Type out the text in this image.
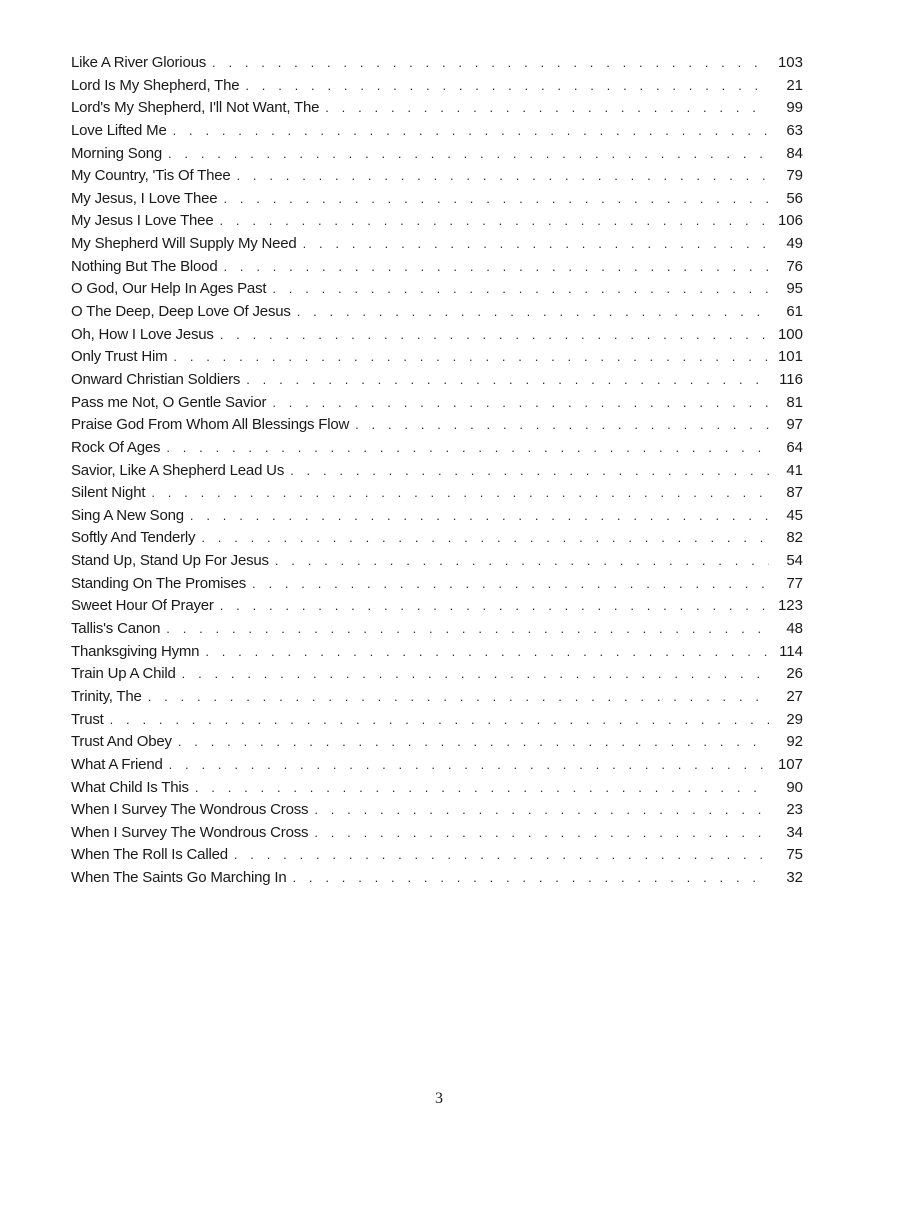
Like A River Glorious . . .	103
Lord Is My Shepherd, The . . .	21
Lord's My Shepherd, I'll Not Want, The . . .	99
Love Lifted Me . . .	63
Morning Song . . .	84
My Country, 'Tis Of Thee . . .	79
My Jesus, I Love Thee . . .	56
My Jesus I Love Thee . . .	106
My Shepherd Will Supply My Need . . .	49
Nothing But The Blood . . .	76
O God, Our Help In Ages Past . . .	95
O The Deep, Deep Love Of Jesus . . .	61
Oh, How I Love Jesus . . .	100
Only Trust Him . . .	101
Onward Christian Soldiers . . .	116
Pass me Not, O Gentle Savior . . .	81
Praise God From Whom All Blessings Flow . . .	97
Rock Of Ages . . .	64
Savior, Like A Shepherd Lead Us . . .	41
Silent Night . . .	87
Sing A New Song . . .	45
Softly And Tenderly . . .	82
Stand Up, Stand Up For Jesus . . .	54
Standing On The Promises . . .	77
Sweet Hour Of Prayer . . .	123
Tallis's Canon . . .	48
Thanksgiving Hymn . . .	114
Train Up A Child . . .	26
Trinity, The . . .	27
Trust . . .	29
Trust And Obey . . .	92
What A Friend . . .	107
What Child Is This . . .	90
When I Survey The Wondrous Cross . . .	23
When I Survey The Wondrous Cross . . .	34
When The Roll Is Called . . .	75
When The Saints Go Marching In . . .	32
3
